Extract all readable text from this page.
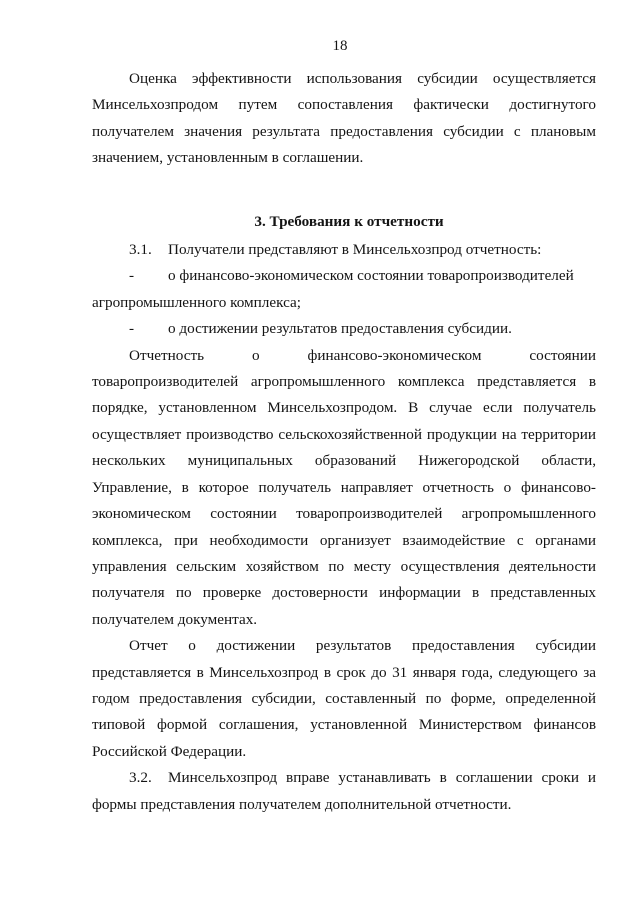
18

Оценка эффективности использования субсидии осуществляется Минсельхозпродом путем сопоставления фактически достигнутого получателем значения результата предоставления субсидии с плановым значением, установленным в соглашении.

3. Требования к отчетности

3.1. Получатели представляют в Минсельхозпрод отчетность:

- о финансово-экономическом состоянии товаропроизводителей
агропромышленного комплекса;

- о достижении результатов предоставления субсидии.

Отчетность о финансово-экономическом состоянии товаропроизводителей агропромышленного комплекса представляется в порядке, установленном Минсельхозпродом. В случае если получатель осуществляет производство сельскохозяйственной продукции на территории нескольких муниципальных образований Нижегородской области, Управление, в которое получатель направляет отчетность о финансово-экономическом состоянии товаропроизводителей агропромышленного комплекса, при необходимости организует взаимодействие с органами управления сельским хозяйством по месту осуществления деятельности получателя по проверке достоверности информации в представленных получателем документах.

Отчет о достижении результатов предоставления субсидии представляется в Минсельхозпрод в срок до 31 января года, следующего за годом предоставления субсидии, составленный по форме, определенной типовой формой соглашения, установленной Министерством финансов Российской Федерации.

3.2. Минсельхозпрод вправе устанавливать в соглашении сроки и формы представления получателем дополнительной отчетности.
